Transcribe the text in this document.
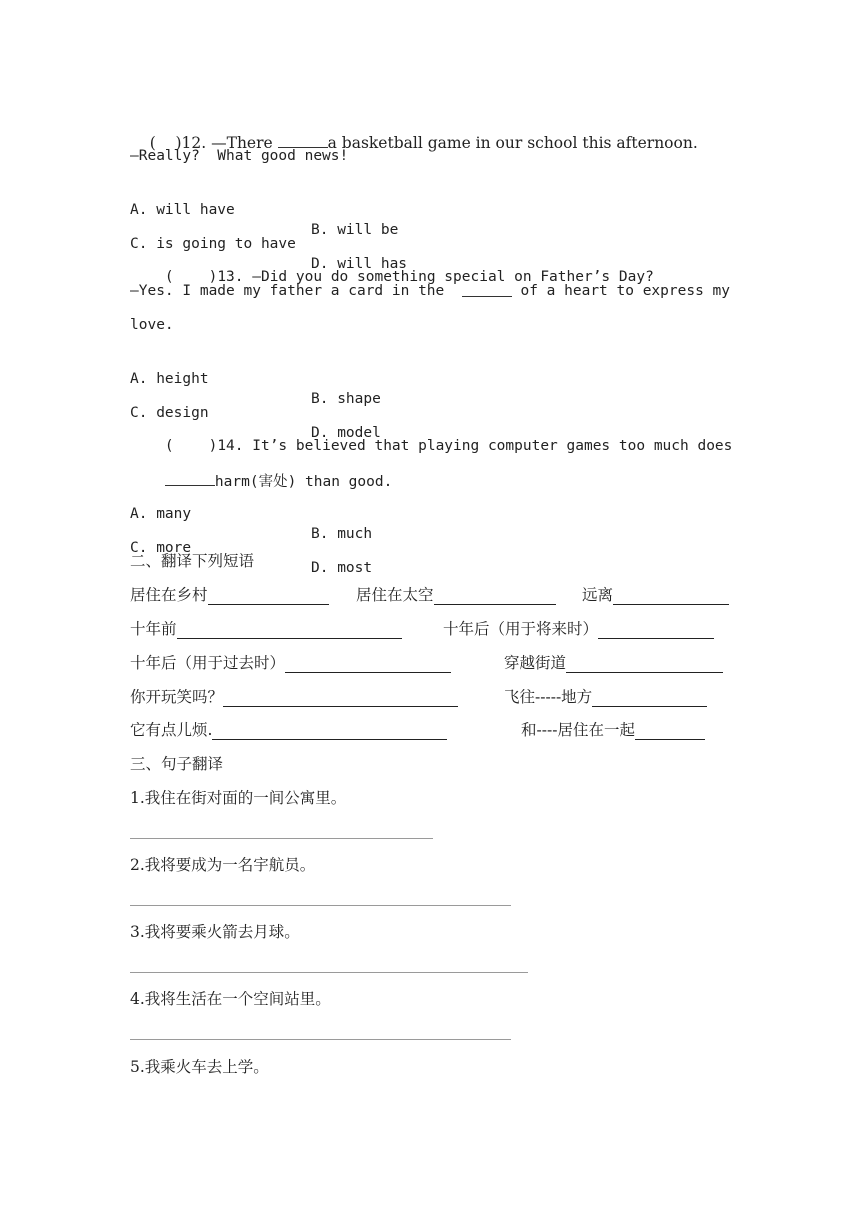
(    )12. —There	a basketball game in our school this afternoon.

—Really?  What good news!

A. will have

B. will be

C. is going to have

D. will has

(    )13. —Did you do something special on Father’s Day?

—Yes. I made my father a card in the	of a heart to express my
love.

A. height

B. shape

C. design

D. model

(    )14. It’s believed that playing computer games too much does

harm(害处) than good.

A. many

B. much

C. more

D. most

二、翻译下列短语

居住在乡村

	居住在太空

	远离

十年前

	十年后（用于将来时）

十年后（用于过去时）

	穿越街道

你开玩笑吗？

	飞往-----地方

它有点儿烦.

	和----居住在一起

三、句子翻译
1.我住在街对面的一间公寓里。
2.我将要成为一名宇航员。
3.我将要乘火箭去月球。
4.我将生活在一个空间站里。
5.我乘火车去上学。
